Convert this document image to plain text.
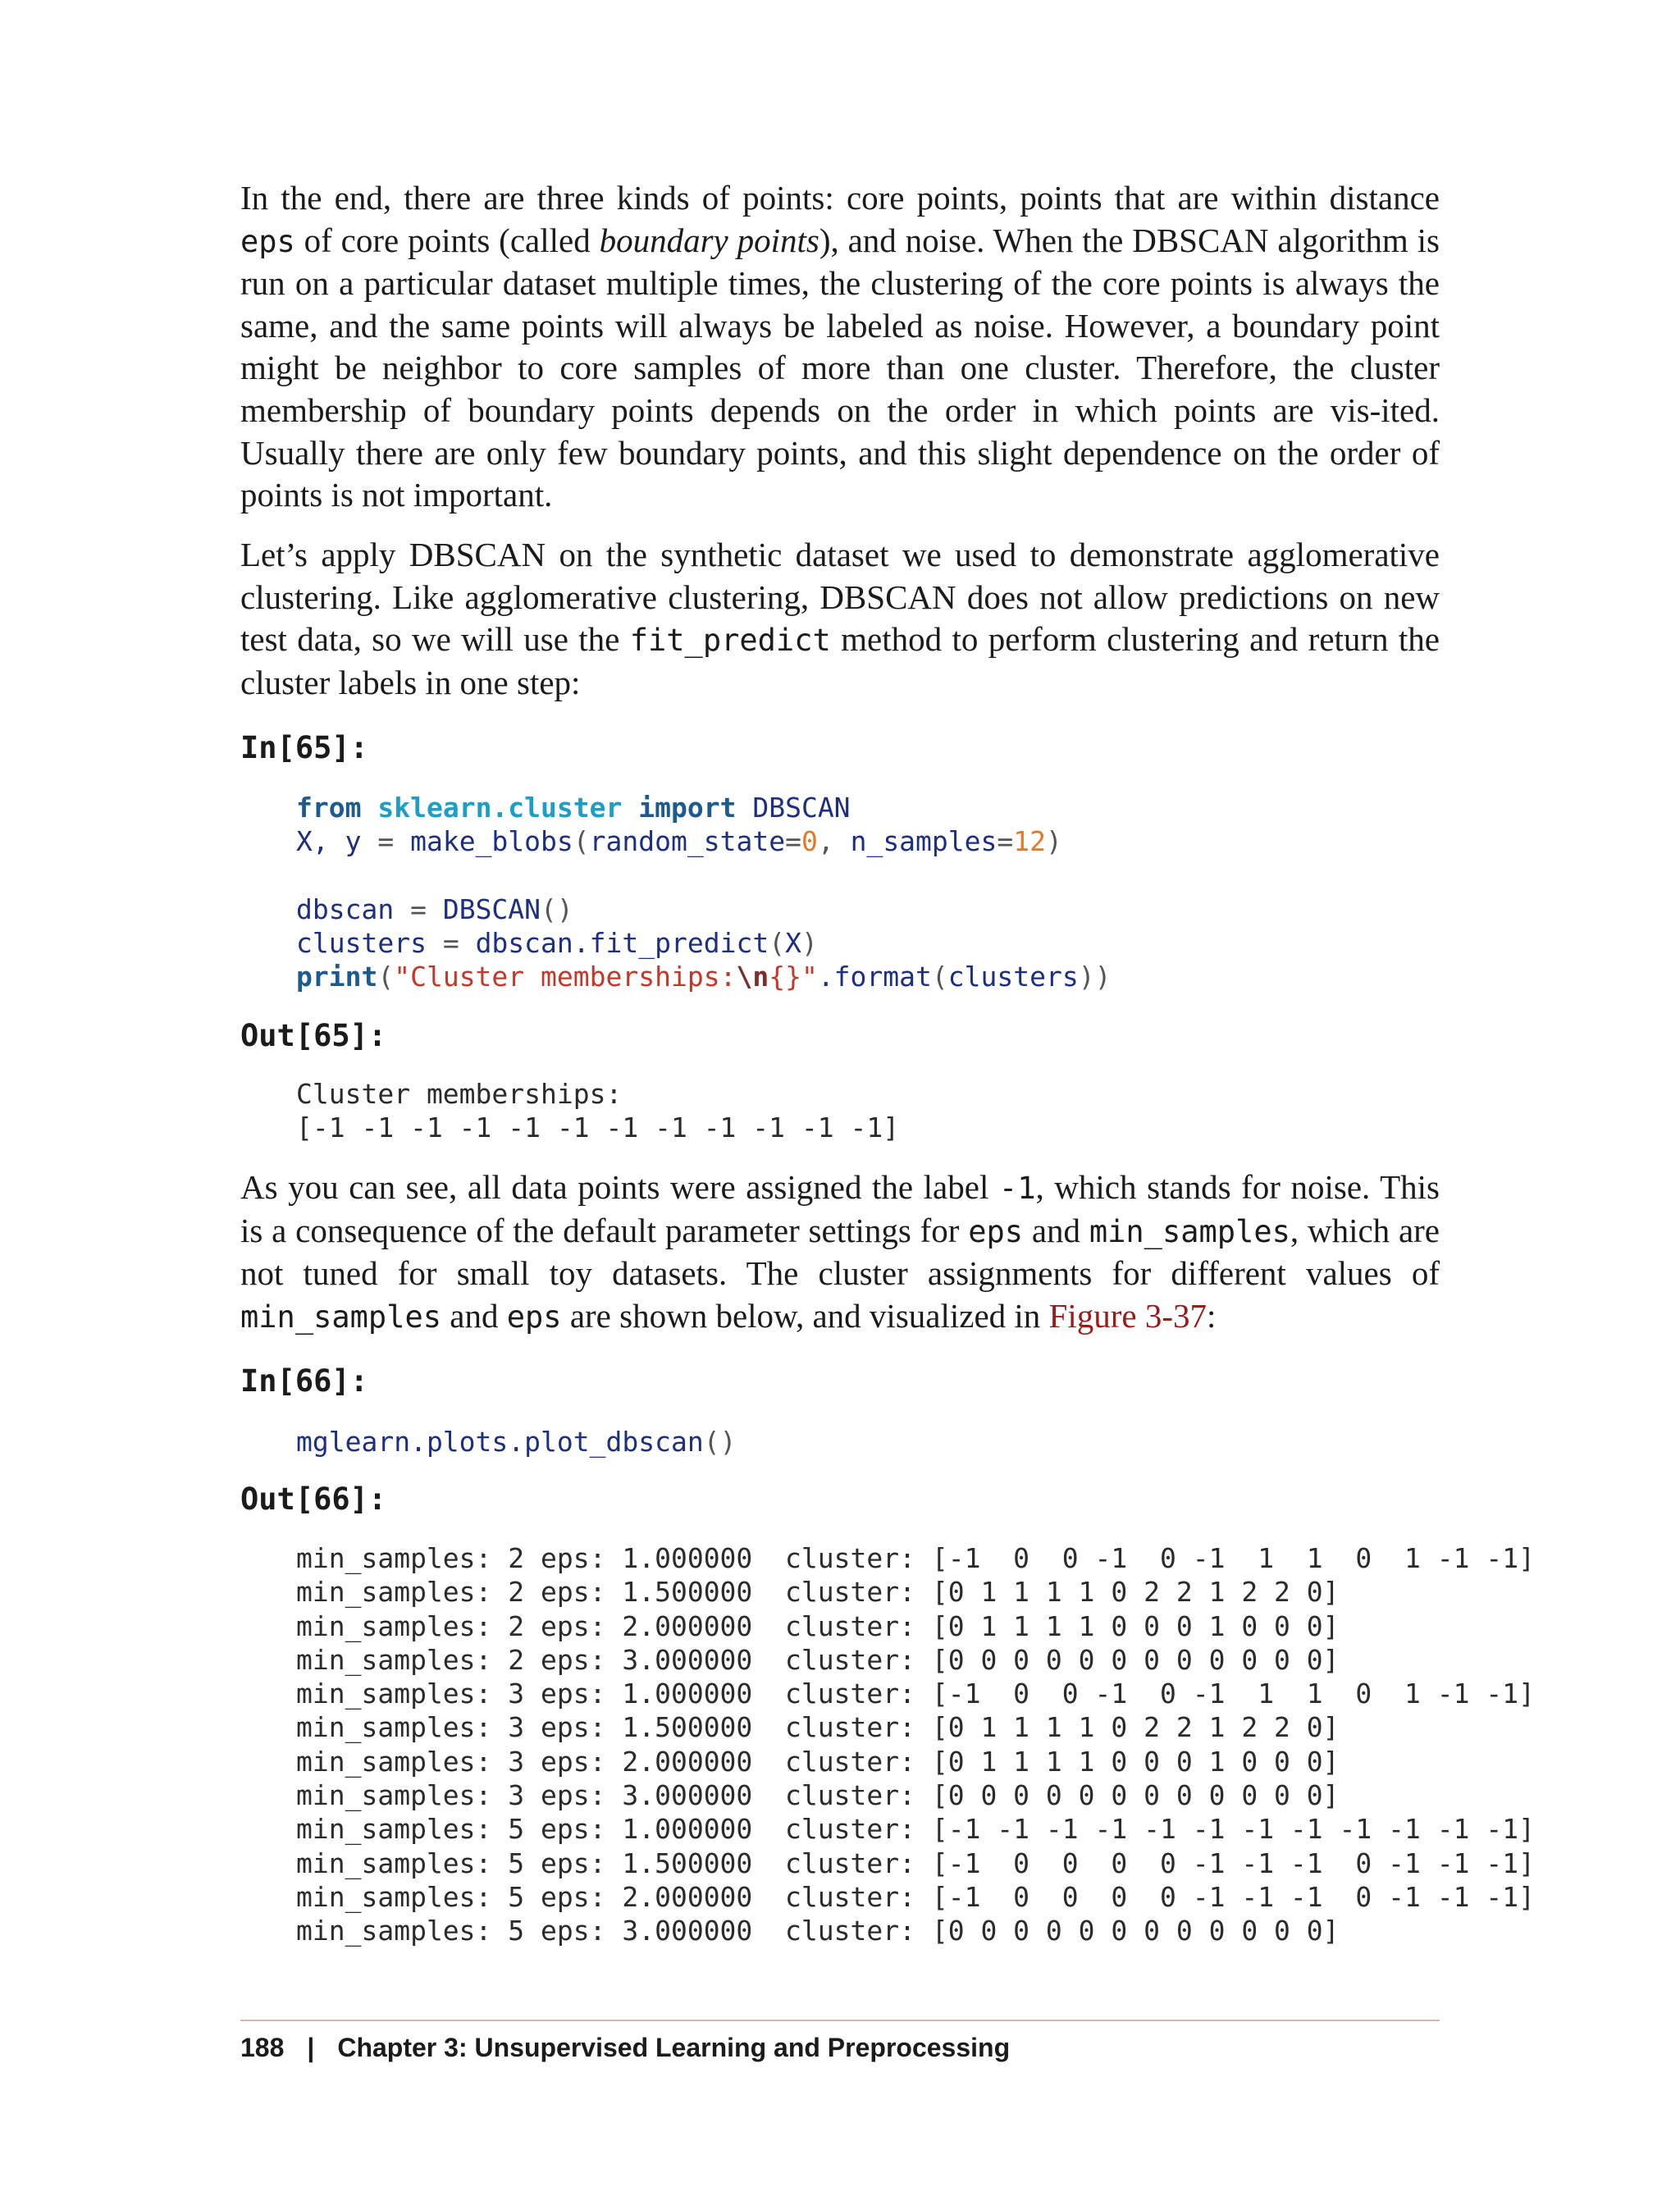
In the end, there are three kinds of points: core points, points that are within distance eps of core points (called boundary points), and noise. When the DBSCAN algorithm is run on a particular dataset multiple times, the clustering of the core points is always the same, and the same points will always be labeled as noise. However, a boundary point might be neighbor to core samples of more than one cluster. Therefore, the cluster membership of boundary points depends on the order in which points are vis-ited. Usually there are only few boundary points, and this slight dependence on the order of points is not important.

Let’s apply DBSCAN on the synthetic dataset we used to demonstrate agglomerative clustering. Like agglomerative clustering, DBSCAN does not allow predictions on new test data, so we will use the fit_predict method to perform clustering and return the cluster labels in one step:

In[65]:
from sklearn.cluster import DBSCAN
X, y = make_blobs(random_state=0, n_samples=12)
dbscan = DBSCAN()
clusters = dbscan.fit_predict(X)
print("Cluster memberships:\n{}".format(clusters))
Out[65]:
Cluster memberships:
[-1 -1 -1 -1 -1 -1 -1 -1 -1 -1 -1 -1]

As you can see, all data points were assigned the label -1, which stands for noise. This is a consequence of the default parameter settings for eps and min_samples, which are not tuned for small toy datasets. The cluster assignments for different values of min_samples and eps are shown below, and visualized in Figure 3-37:

In[66]:
mglearn.plots.plot_dbscan()
Out[66]:
min_samples: 2 eps: 1.000000  cluster: [-1  0  0 -1  0 -1  1  1  0  1 -1 -1]
min_samples: 2 eps: 1.500000  cluster: [0 1 1 1 1 0 2 2 1 2 2 0]
min_samples: 2 eps: 2.000000  cluster: [0 1 1 1 1 0 0 0 1 0 0 0]
min_samples: 2 eps: 3.000000  cluster: [0 0 0 0 0 0 0 0 0 0 0 0]
min_samples: 3 eps: 1.000000  cluster: [-1  0  0 -1  0 -1  1  1  0  1 -1 -1]
min_samples: 3 eps: 1.500000  cluster: [0 1 1 1 1 0 2 2 1 2 2 0]
min_samples: 3 eps: 2.000000  cluster: [0 1 1 1 1 0 0 0 1 0 0 0]
min_samples: 3 eps: 3.000000  cluster: [0 0 0 0 0 0 0 0 0 0 0 0]
min_samples: 5 eps: 1.000000  cluster: [-1 -1 -1 -1 -1 -1 -1 -1 -1 -1 -1 -1]
min_samples: 5 eps: 1.500000  cluster: [-1  0  0  0  0 -1 -1 -1  0 -1 -1 -1]
min_samples: 5 eps: 2.000000  cluster: [-1  0  0  0  0 -1 -1 -1  0 -1 -1 -1]
min_samples: 5 eps: 3.000000  cluster: [0 0 0 0 0 0 0 0 0 0 0 0]
188 | Chapter 3: Unsupervised Learning and Preprocessing
